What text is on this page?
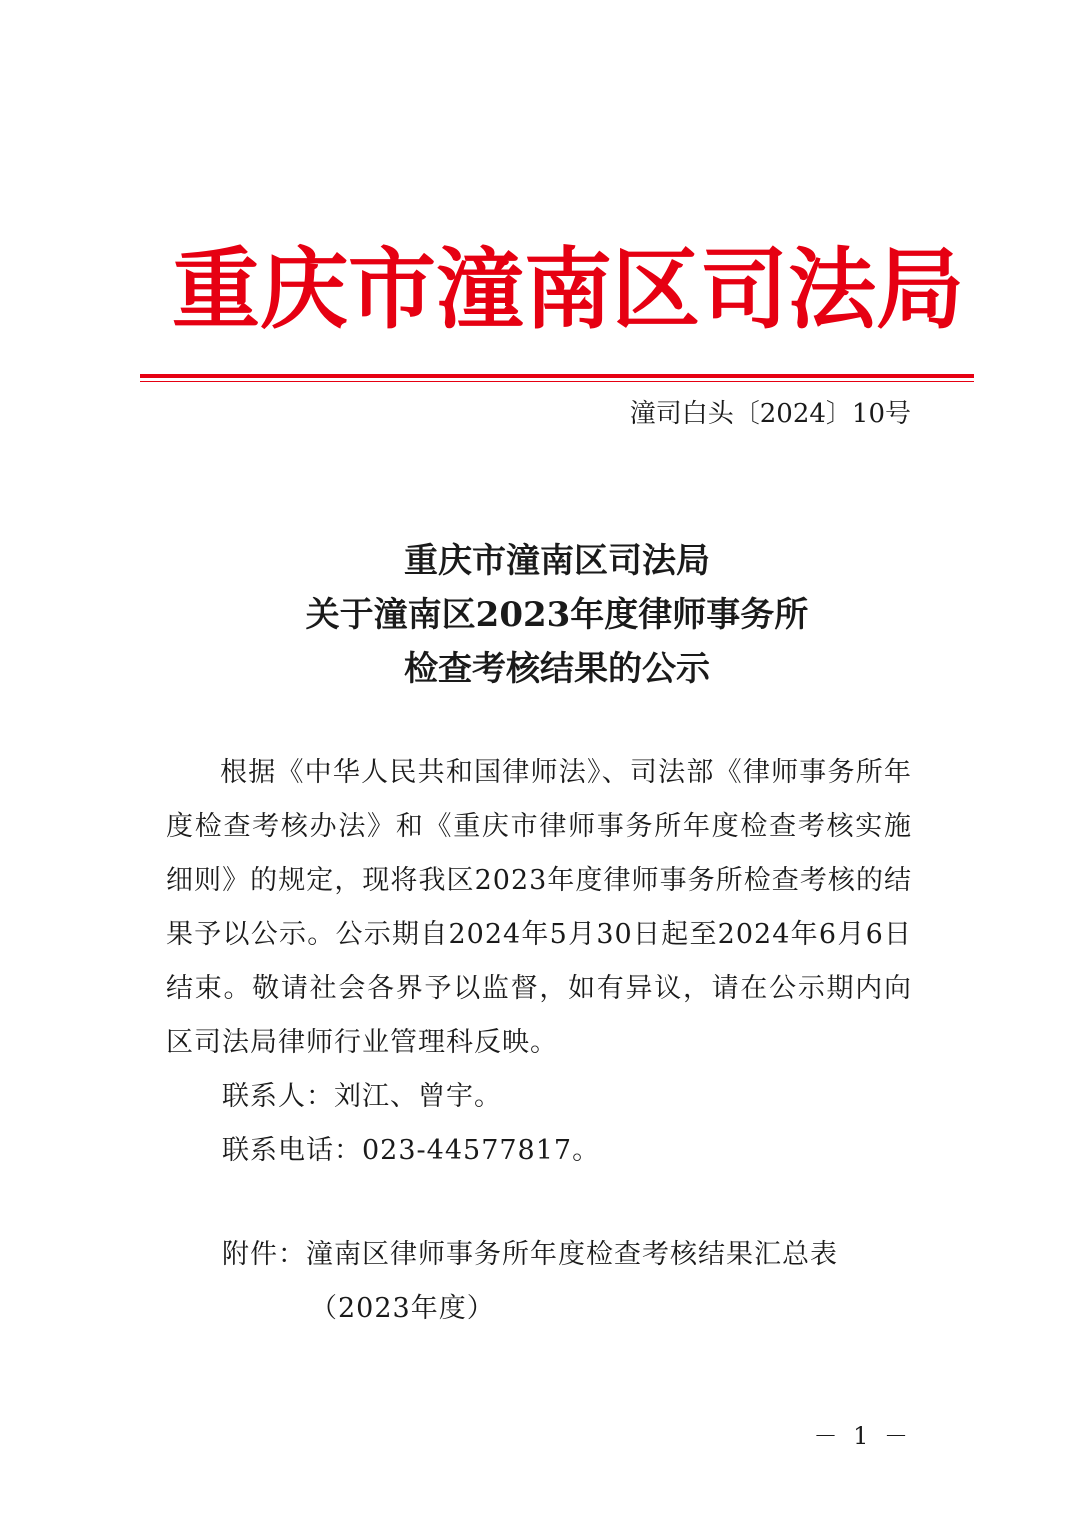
重庆市潼南区司法局
潼司白头〔2024〕10号
重庆市潼南区司法局
关于潼南区2023年度律师事务所
检查考核结果的公示

根据《中华人民共和国律师法》、司法部《律师事务所年度检查考核办法》和《重庆市律师事务所年度检查考核实施细则》的规定，现将我区2023年度律师事务所检查考核的结果予以公示。公示期自2024年5月30日起至2024年6月6日结束。敬请社会各界予以监督，如有异议，请在公示期内向区司法局律师行业管理科反映。

联系人：刘江、曾宇。
联系电话：023-44577817。
附件：潼南区律师事务所年度检查考核结果汇总表
（2023年度）
－ 1 －
